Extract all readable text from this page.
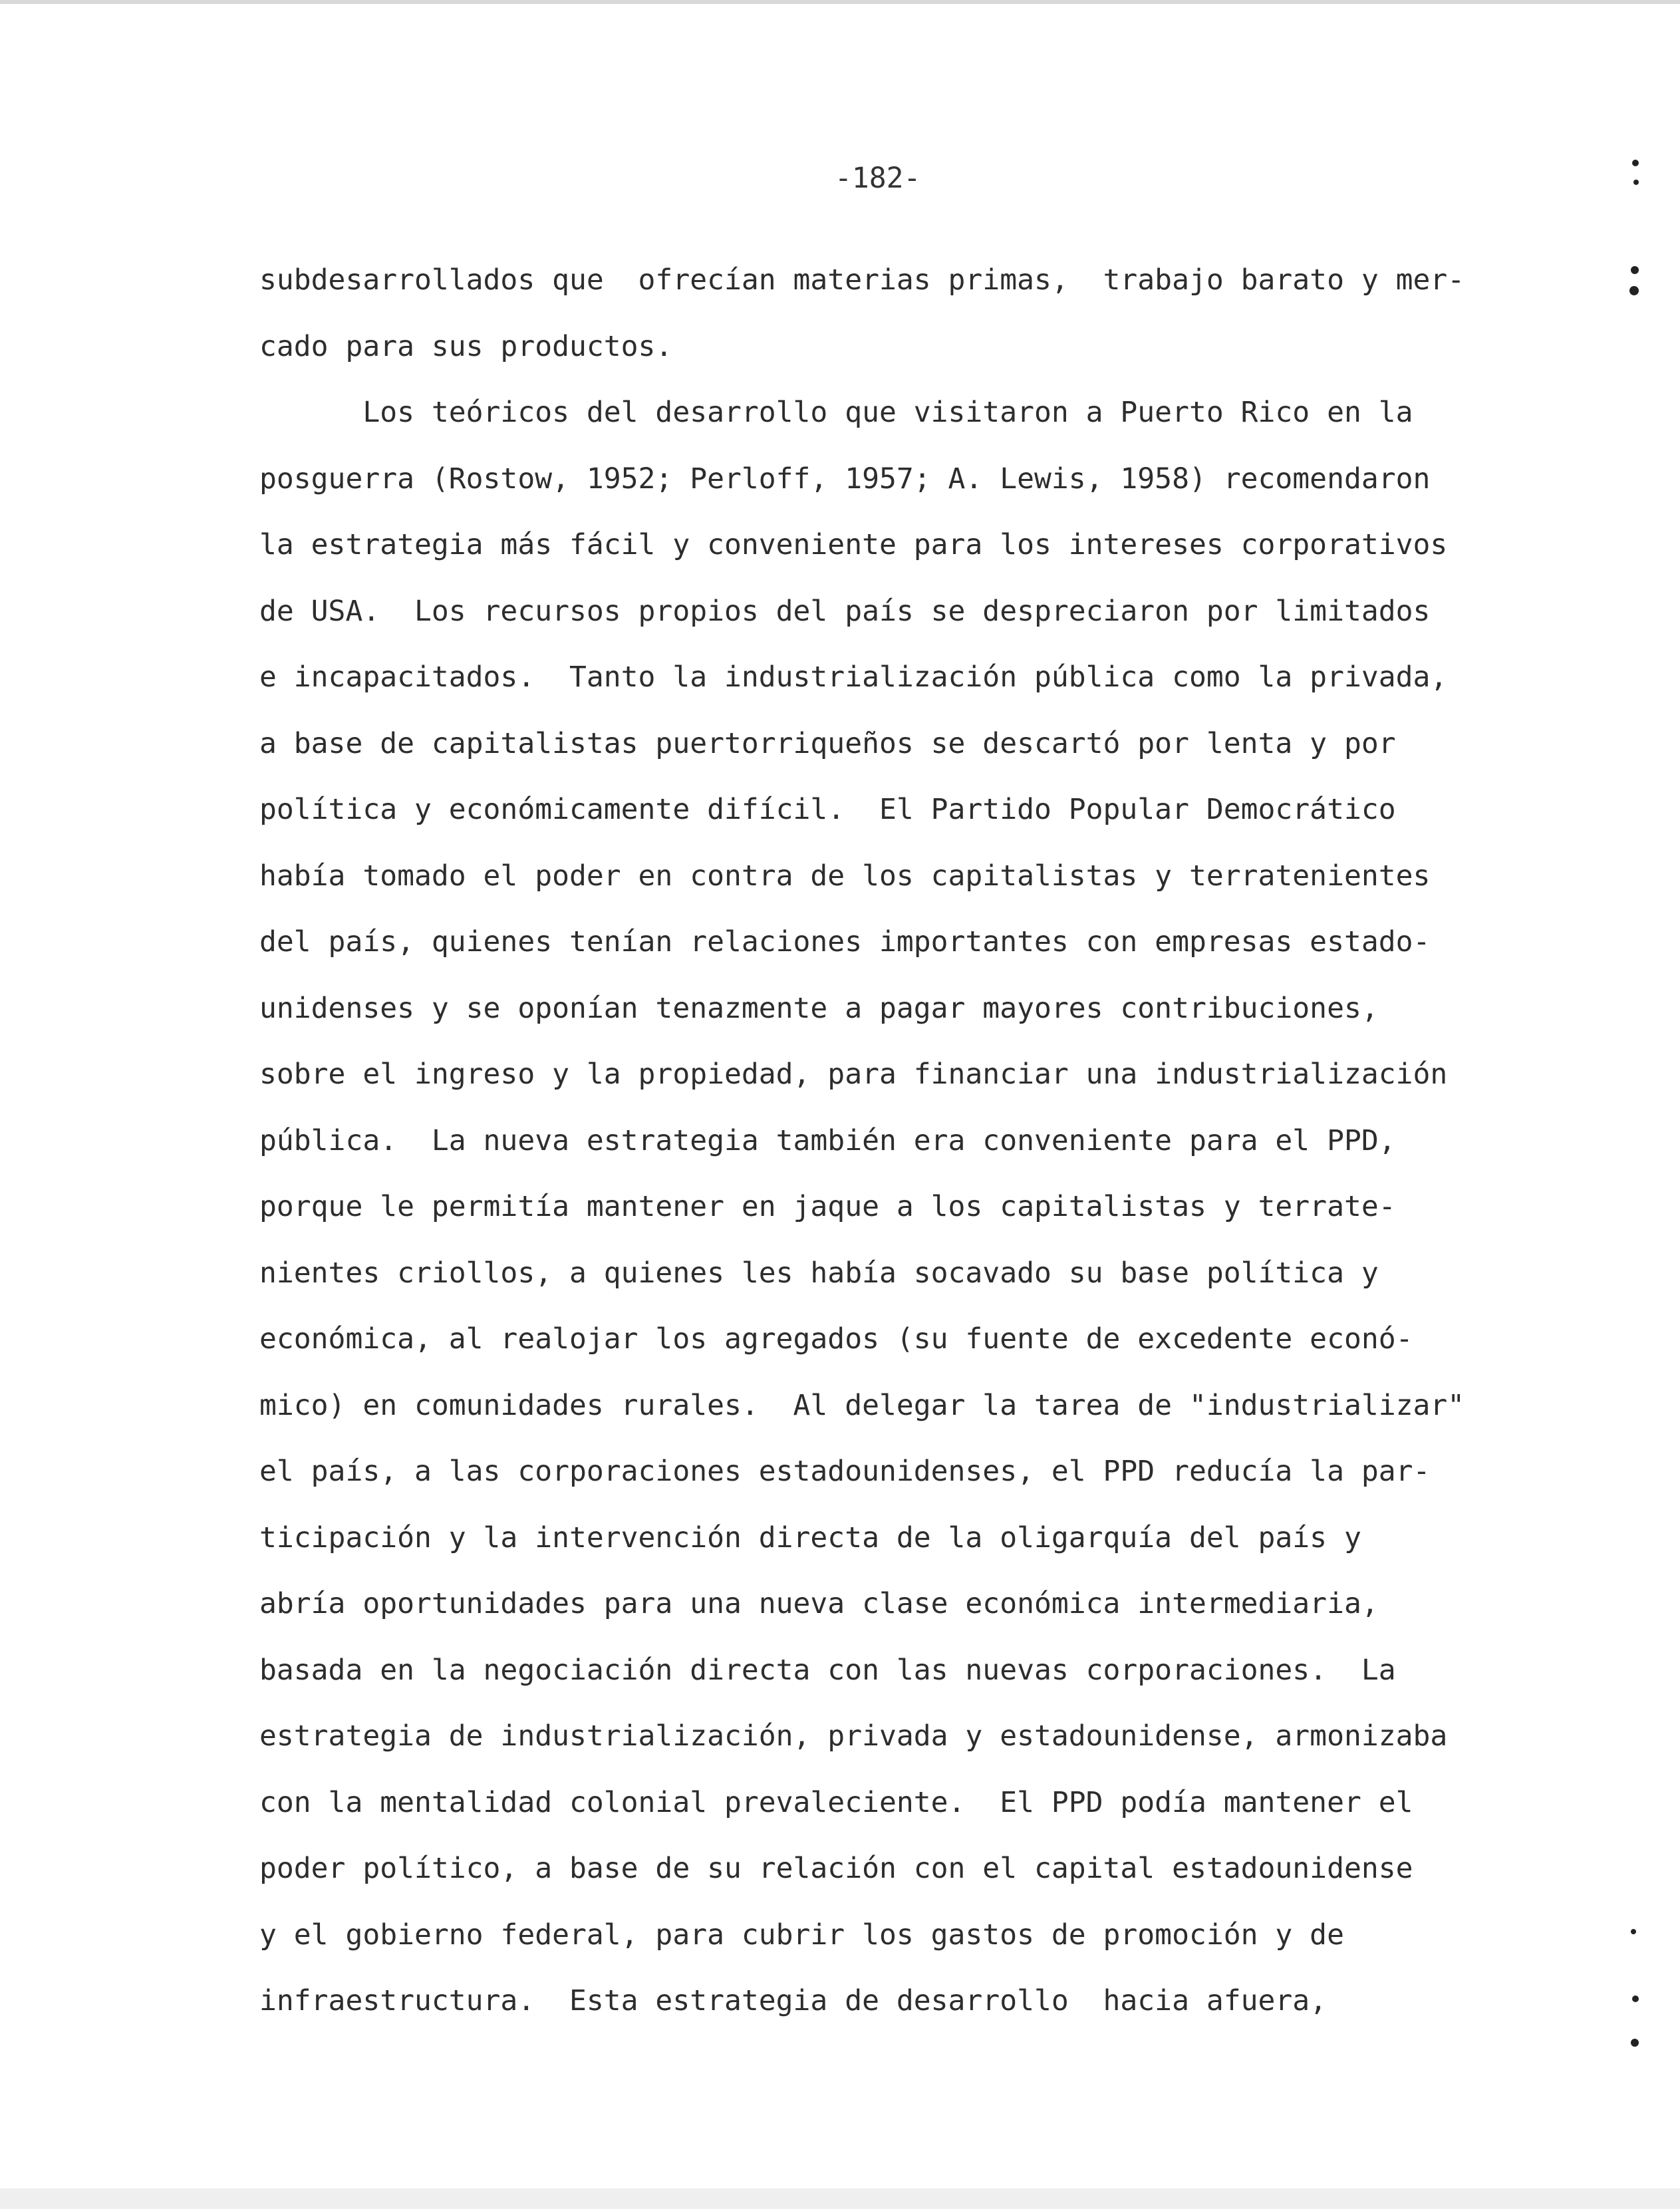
-182-
subdesarrollados que  ofrecían materias primas,  trabajo barato y mer-
cado para sus productos.
Los teóricos del desarrollo que visitaron a Puerto Rico en la
posguerra (Rostow, 1952; Perloff, 1957; A. Lewis, 1958) recomendaron
la estrategia más fácil y conveniente para los intereses corporativos
de USA.  Los recursos propios del país se despreciaron por limitados
e incapacitados.  Tanto la industrialización pública como la privada,
a base de capitalistas puertorriqueños se descartó por lenta y por
política y económicamente difícil.  El Partido Popular Democrático
había tomado el poder en contra de los capitalistas y terratenientes
del país, quienes tenían relaciones importantes con empresas estado-
unidenses y se oponían tenazmente a pagar mayores contribuciones,
sobre el ingreso y la propiedad, para financiar una industrialización
pública.  La nueva estrategia también era conveniente para el PPD,
porque le permitía mantener en jaque a los capitalistas y terrate-
nientes criollos, a quienes les había socavado su base política y
económica, al realojar los agregados (su fuente de excedente econó-
mico) en comunidades rurales.  Al delegar la tarea de "industrializar"
el país, a las corporaciones estadounidenses, el PPD reducía la par-
ticipación y la intervención directa de la oligarquía del país y
abría oportunidades para una nueva clase económica intermediaria,
basada en la negociación directa con las nuevas corporaciones.  La
estrategia de industrialización, privada y estadounidense, armonizaba
con la mentalidad colonial prevaleciente.  El PPD podía mantener el
poder político, a base de su relación con el capital estadounidense
y el gobierno federal, para cubrir los gastos de promoción y de
infraestructura.  Esta estrategia de desarrollo  hacia afuera,
